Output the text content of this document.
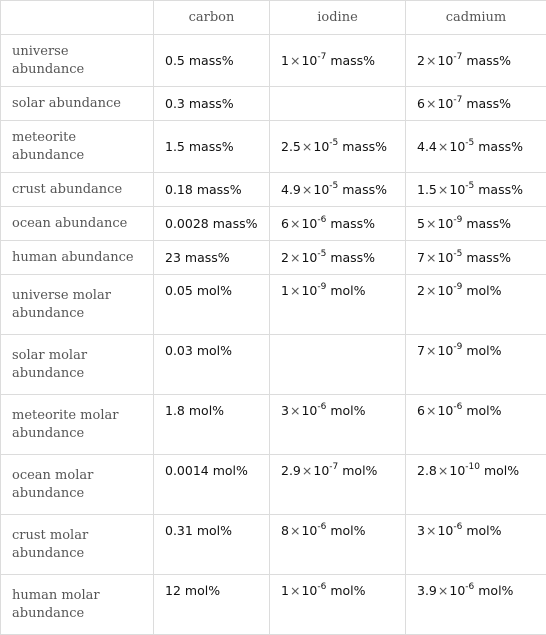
	carbon	iodine	cadmium
universe abundance	0.5 mass%	$1\times 10^{-7}$ mass%	$2\times 10^{-7}$ mass%
solar abundance	0.3 mass%		$6\times 10^{-7}$ mass%
meteorite abundance	1.5 mass%	$2.5\times 10^{-5}$ mass%	$4.4\times 10^{-5}$ mass%
crust abundance	0.18 mass%	$4.9\times 10^{-5}$ mass%	$1.5\times 10^{-5}$ mass%
ocean abundance	0.0028 mass%	$6\times 10^{-6}$ mass%	$5\times 10^{-9}$ mass%
human abundance	23 mass%	$2\times 10^{-5}$ mass%	$7\times 10^{-5}$ mass%
universe molar abundance	0.05 mol%	$1\times 10^{-9}$ mol%	$2\times 10^{-9}$ mol%
solar molar abundance	0.03 mol%		$7\times 10^{-9}$ mol%
meteorite molar abundance	1.8 mol%	$3\times 10^{-6}$ mol%	$6\times 10^{-6}$ mol%
ocean molar abundance	0.0014 mol%	$2.9\times 10^{-7}$ mol%	$2.8\times 10^{-10}$ mol%
crust molar abundance	0.31 mol%	$8\times 10^{-6}$ mol%	$3\times 10^{-6}$ mol%
human molar abundance	12 mol%	$1\times 10^{-6}$ mol%	$3.9\times 10^{-6}$ mol%
